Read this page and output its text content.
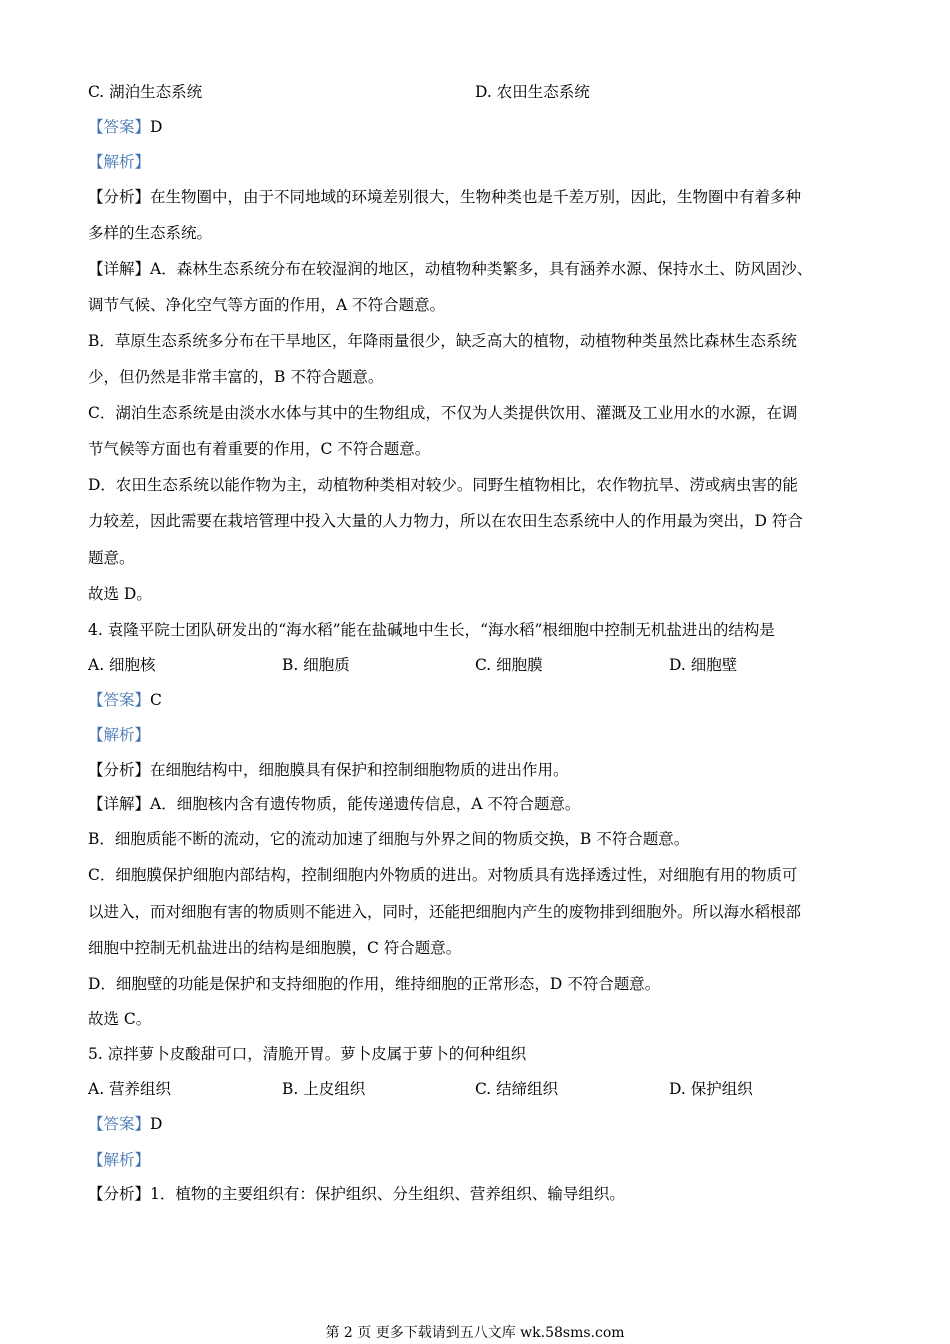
C. 湖泊生态系统	D. 农田生态系统
【答案】D
【解析】
【分析】在生物圈中，由于不同地域的环境差别很大，生物种类也是千差万别，因此，生物圈中有着多种
多样的生态系统。
【详解】A．森林生态系统分布在较湿润的地区，动植物种类繁多，具有涵养水源、保持水土、防风固沙、
调节气候、净化空气等方面的作用，A 不符合题意。
B．草原生态系统多分布在干旱地区，年降雨量很少，缺乏高大的植物，动植物种类虽然比森林生态系统
少，但仍然是非常丰富的，B 不符合题意。
C．湖泊生态系统是由淡水水体与其中的生物组成，不仅为人类提供饮用、灌溉及工业用水的水源，在调
节气候等方面也有着重要的作用，C 不符合题意。
D．农田生态系统以能作物为主，动植物种类相对较少。同野生植物相比，农作物抗旱、涝或病虫害的能
力较差，因此需要在栽培管理中投入大量的人力物力，所以在农田生态系统中人的作用最为突出，D 符合
题意。
故选 D。
4. 袁隆平院士团队研发出的“海水稻”能在盐碱地中生长，“海水稻”根细胞中控制无机盐进出的结构是
A. 细胞核	B. 细胞质	C. 细胞膜	D. 细胞壁
【答案】C
【解析】
【分析】在细胞结构中，细胞膜具有保护和控制细胞物质的进出作用。
【详解】A．细胞核内含有遗传物质，能传递遗传信息，A 不符合题意。
B．细胞质能不断的流动，它的流动加速了细胞与外界之间的物质交换，B 不符合题意。
C．细胞膜保护细胞内部结构，控制细胞内外物质的进出。对物质具有选择透过性，对细胞有用的物质可
以进入，而对细胞有害的物质则不能进入，同时，还能把细胞内产生的废物排到细胞外。所以海水稻根部
细胞中控制无机盐进出的结构是细胞膜，C 符合题意。
D．细胞壁的功能是保护和支持细胞的作用，维持细胞的正常形态，D 不符合题意。
故选 C。
5. 凉拌萝卜皮酸甜可口，清脆开胃。萝卜皮属于萝卜的何种组织
A. 营养组织	B. 上皮组织	C. 结缔组织	D. 保护组织
【答案】D
【解析】
【分析】1．植物的主要组织有：保护组织、分生组织、营养组织、输导组织。
第 2 页 更多下载请到五八文库 wk.58sms.com
